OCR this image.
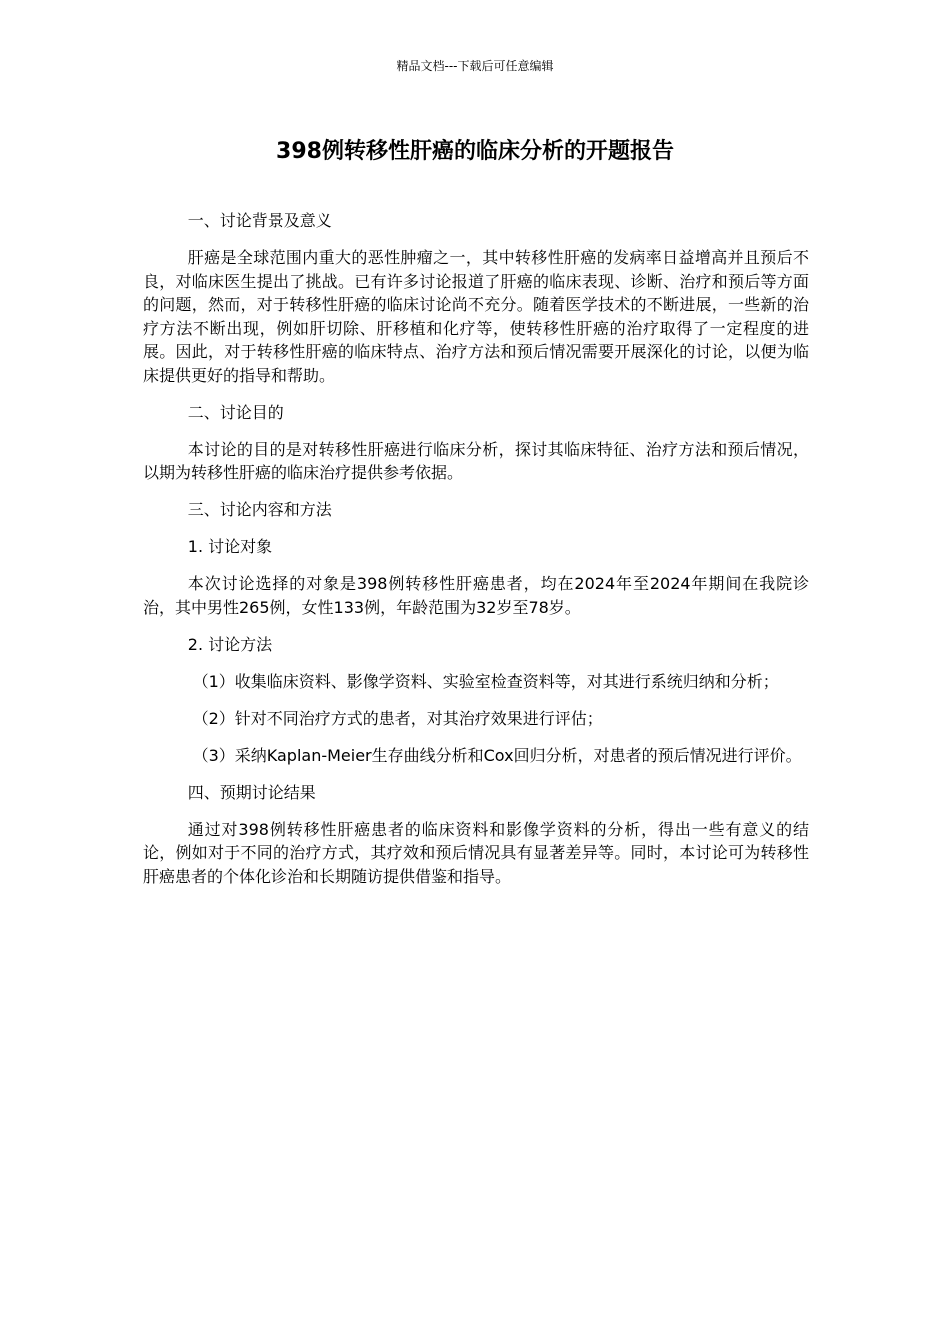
精品文档---下载后可任意编辑
398例转移性肝癌的临床分析的开题报告

一、讨论背景及意义

肝癌是全球范围内重大的恶性肿瘤之一，其中转移性肝癌的发病率日益增高并且预后不良，对临床医生提出了挑战。已有许多讨论报道了肝癌的临床表现、诊断、治疗和预后等方面的问题，然而，对于转移性肝癌的临床讨论尚不充分。随着医学技术的不断进展，一些新的治疗方法不断出现，例如肝切除、肝移植和化疗等，使转移性肝癌的治疗取得了一定程度的进展。因此，对于转移性肝癌的临床特点、治疗方法和预后情况需要开展深化的讨论，以便为临床提供更好的指导和帮助。

二、讨论目的

本讨论的目的是对转移性肝癌进行临床分析，探讨其临床特征、治疗方法和预后情况，以期为转移性肝癌的临床治疗提供参考依据。

三、讨论内容和方法

1. 讨论对象

本次讨论选择的对象是398例转移性肝癌患者，均在2024年至2024年期间在我院诊治，其中男性265例，女性133例，年龄范围为32岁至78岁。

2. 讨论方法

（1）收集临床资料、影像学资料、实验室检查资料等，对其进行系统归纳和分析；

（2）针对不同治疗方式的患者，对其治疗效果进行评估；

（3）采纳Kaplan-Meier生存曲线分析和Cox回归分析，对患者的预后情况进行评价。

四、预期讨论结果

通过对398例转移性肝癌患者的临床资料和影像学资料的分析，得出一些有意义的结论，例如对于不同的治疗方式，其疗效和预后情况具有显著差异等。同时，本讨论可为转移性肝癌患者的个体化诊治和长期随访提供借鉴和指导。
